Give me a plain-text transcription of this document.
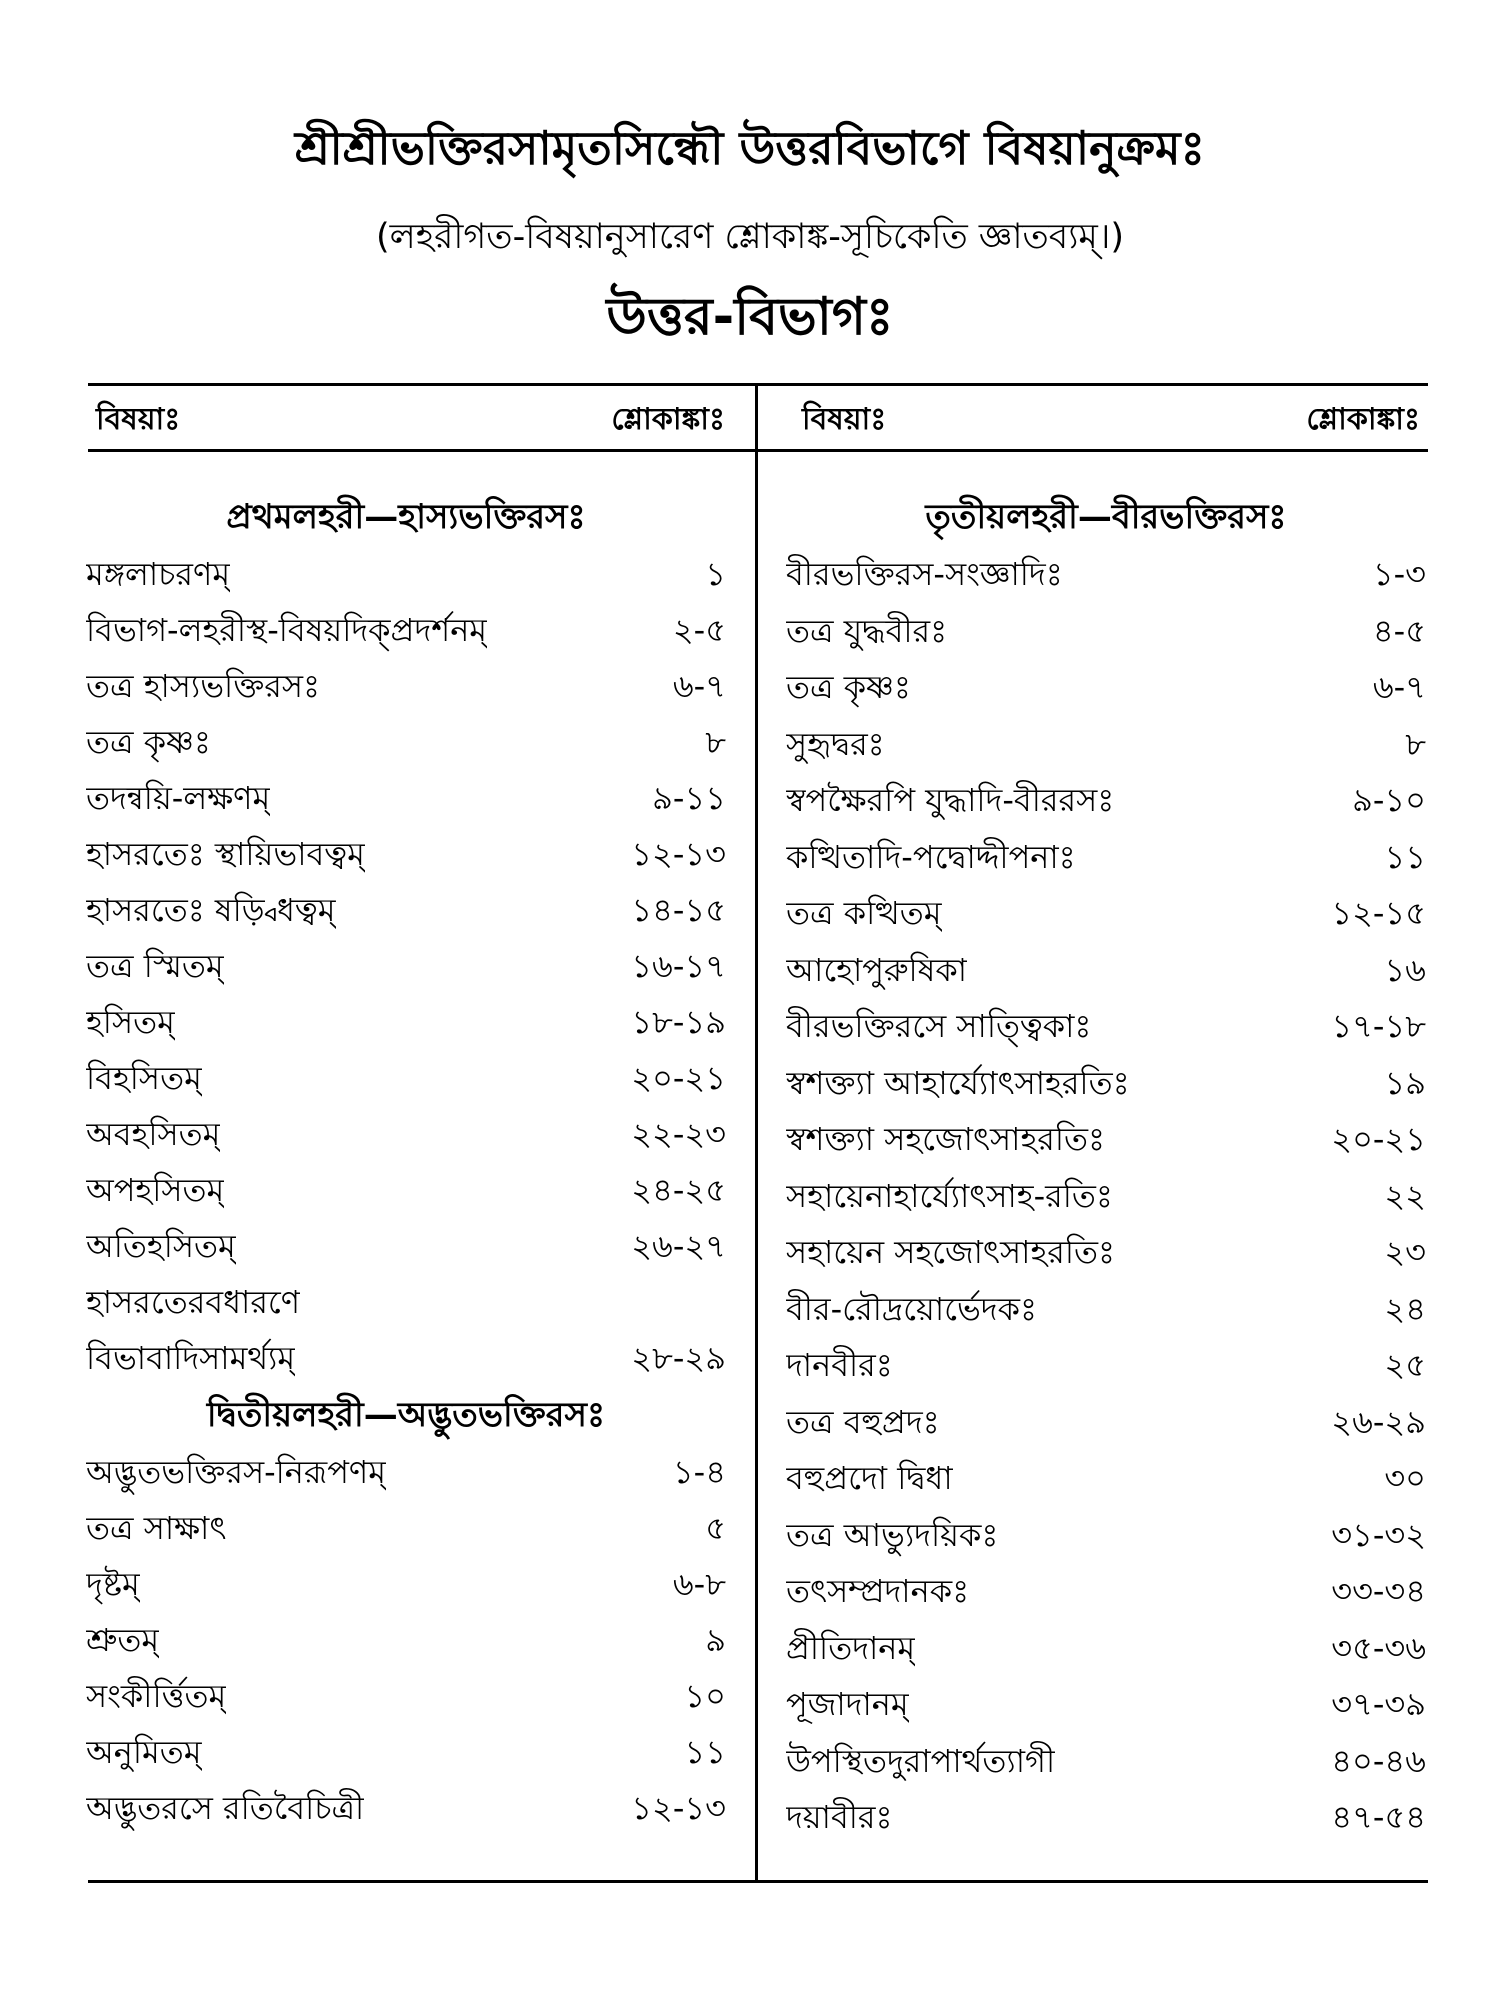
শ্রীশ্রীভক্তিরসামৃতসিন্ধৌ উত্তরবিভাগে বিষয়ানুক্রমঃ

(লহরীগত-বিষয়ানুসারেণ শ্লোকাঙ্ক-সূচিকেতি জ্ঞাতব্যম্।)

উত্তর-বিভাগঃ
বিষয়াঃ	শ্লোকাঙ্কাঃ	বিষয়াঃ	শ্লোকাঙ্কাঃ
প্রথমলহরী—হাস্যভক্তিরসঃ
মঙ্গলাচরণম্	১
বিভাগ-লহরীস্থ-বিষয়দিক্প্রদর্শনম্	২-৫
তত্র হাস্যভক্তিরসঃ	৬-৭
তত্র কৃষ্ণঃ	৮
তদন্বয়ি-লক্ষণম্	৯-১১
হাসরতেঃ স্থায়িভাবত্বম্	১২-১৩
হাসরতেঃ ষড়্বিধত্বম্	১৪-১৫
তত্র স্মিতম্	১৬-১৭
হসিতম্	১৮-১৯
বিহসিতম্	২০-২১
অবহসিতম্	২২-২৩
অপহসিতম্	২৪-২৫
অতিহসিতম্	২৬-২৭
হাসরতেরবধারণে
বিভাবাদিসামর্থ্যম্	২৮-২৯
দ্বিতীয়লহরী—অদ্ভুতভক্তিরসঃ
অদ্ভুতভক্তিরস-নিরূপণম্	১-৪
তত্র সাক্ষাৎ	৫
দৃষ্টম্	৬-৮
শ্রুতম্	৯
সংকীর্ত্তিতম্	১০
অনুমিতম্	১১
অদ্ভুতরসে রতিবৈচিত্রী	১২-১৩
তৃতীয়লহরী—বীরভক্তিরসঃ
বীরভক্তিরস-সংজ্ঞাদিঃ	১-৩
তত্র যুদ্ধবীরঃ	৪-৫
তত্র কৃষ্ণঃ	৬-৭
সুহৃদ্বরঃ	৮
স্বপক্ষৈরপি যুদ্ধাদি-বীররসঃ	৯-১০
কত্থিতাদি-পদ্বোদ্দীপনাঃ	১১
তত্র কত্থিতম্	১২-১৫
আহোপুরুষিকা	১৬
বীরভক্তিরসে সাত্ত্বিকাঃ	১৭-১৮
স্বশক্ত্যা আহার্য্যোৎসাহরতিঃ	১৯
স্বশক্ত্যা সহজোৎসাহরতিঃ	২০-২১
সহায়েনাহার্য্যোৎসাহ-রতিঃ	২২
সহায়েন সহজোৎসাহরতিঃ	২৩
বীর-রৌদ্রয়োর্ভেদকঃ	২৪
দানবীরঃ	২৫
তত্র বহুপ্রদঃ	২৬-২৯
বহুপ্রদো দ্বিধা	৩০
তত্র আভ্যুদয়িকঃ	৩১-৩২
তৎসম্প্রদানকঃ	৩৩-৩৪
প্রীতিদানম্	৩৫-৩৬
পূজাদানম্	৩৭-৩৯
উপস্থিতদুরাপার্থত্যাগী	৪০-৪৬
দয়াবীরঃ	৪৭-৫৪
